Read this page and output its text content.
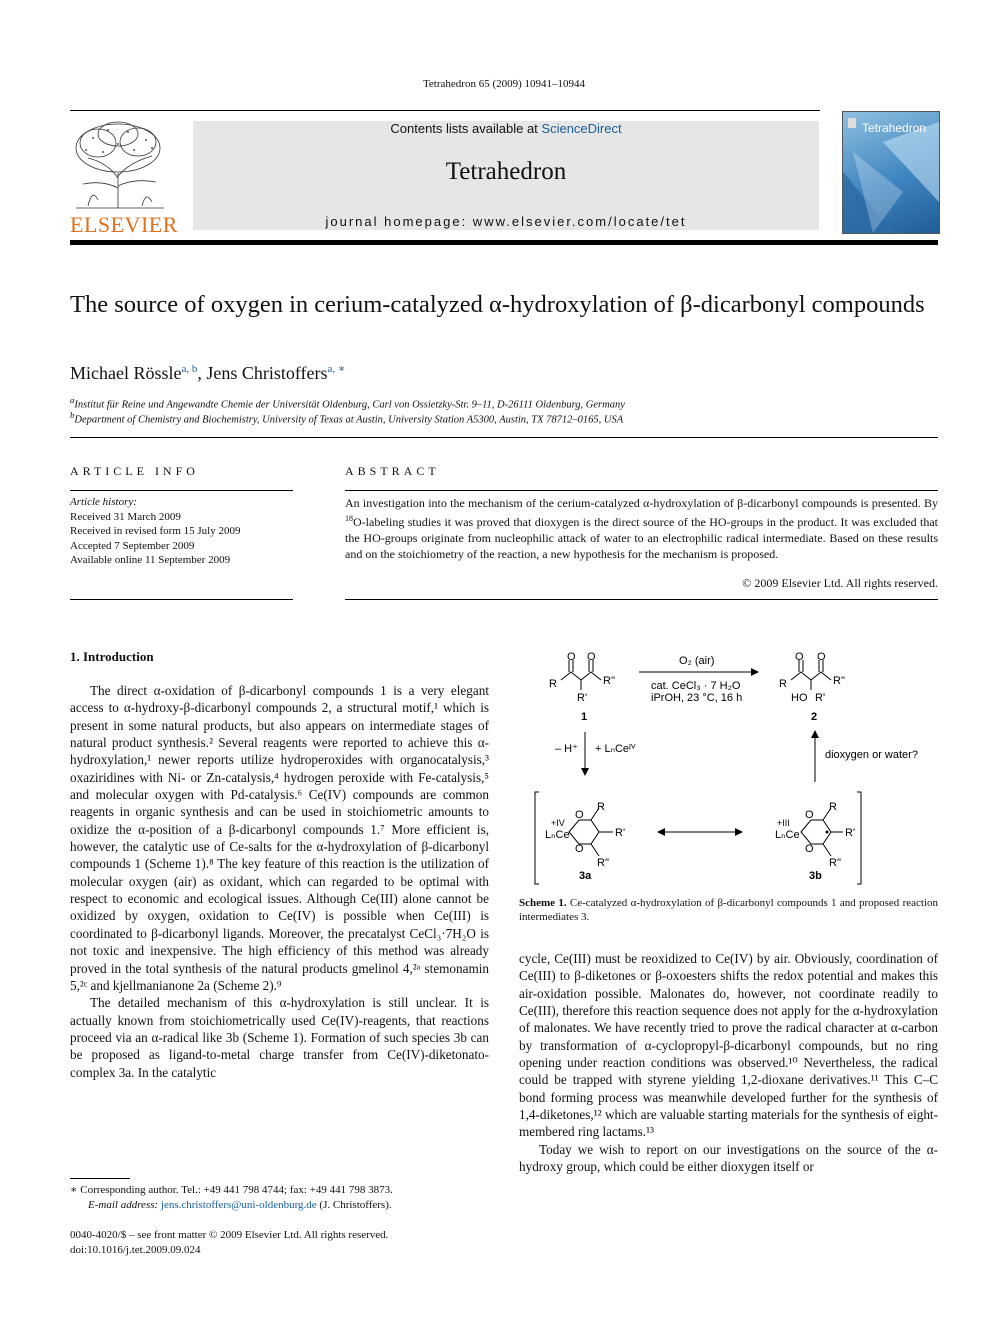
Tetrahedron 65 (2009) 10941–10944
ELSEVIER
Contents lists available at ScienceDirect
Tetrahedron
journal homepage: www.elsevier.com/locate/tet
Tetrahedron
The source of oxygen in cerium-catalyzed α-hydroxylation of β-dicarbonyl compounds
Michael Rössle$^{a, b}$, Jens Christoffers$^{a, ∗}$
$^a$Institut für Reine und Angewandte Chemie der Universität Oldenburg, Carl von Ossietzky-Str. 9–11, D-26111 Oldenburg, Germany
$^b$Department of Chemistry and Biochemistry, University of Texas at Austin, University Station A5300, Austin, TX 78712–0165, USA
ARTICLE INFO	ABSTRACT
Article history:
Received 31 March 2009
Received in revised form 15 July 2009
Accepted 7 September 2009
Available online 11 September 2009
An investigation into the mechanism of the cerium-catalyzed α-hydroxylation of β-dicarbonyl compounds is presented. By $^{18}$O-labeling studies it was proved that dioxygen is the direct source of the HO-groups in the product. It was excluded that the HO-groups originate from nucleophilic attack of water to an electrophilic radical intermediate. Based on these results and on the stoichiometry of the reaction, a new hypothesis for the mechanism is proposed.
© 2009 Elsevier Ltd. All rights reserved.
1. Introduction

The direct α-oxidation of β-dicarbonyl compounds 1 is a very elegant access to α-hydroxy-β-dicarbonyl compounds 2, a structural motif,¹ which is present in some natural products, but also appears on intermediate stages of natural product synthesis.² Several reagents were reported to achieve this α-hydroxylation,¹ newer reports utilize hydroperoxides with organocatalysis,³ oxaziridines with Ni- or Zn-catalysis,⁴ hydrogen peroxide with Fe-catalysis,⁵ and molecular oxygen with Pd-catalysis.⁶ Ce(IV) compounds are common reagents in organic synthesis and can be used in stoichiometric amounts to oxidize the α-position of a β-dicarbonyl compounds 1.⁷ More efficient is, however, the catalytic use of Ce-salts for the α-hydroxylation of β-dicarbonyl compounds 1 (Scheme 1).⁸ The key feature of this reaction is the utilization of molecular oxygen (air) as oxidant, which can regarded to be optimal with respect to economic and ecological issues. Although Ce(III) alone cannot be oxidized by oxygen, oxidation to Ce(IV) is possible when Ce(III) is coordinated to β-dicarbonyl ligands. Moreover, the precatalyst CeCl₃·7H₂O is not toxic and inexpensive. The high efficiency of this method was already proved in the total synthesis of the natural products gmelinol 4,²ᵃ stemonamin 5,²ᶜ and kjellmanianone 2a (Scheme 2).⁹

The detailed mechanism of this α-hydroxylation is still unclear. It is actually known from stoichiometrically used Ce(IV)-reagents, that reactions proceed via an α-radical like 3b (Scheme 1). Formation of such species 3b can be proposed as ligand-to-metal charge transfer from Ce(IV)-diketonato-complex 3a. In the catalytic

O O
R	R''
R'
1
O₂ (air)
cat. CeCl₃ · 7 H₂O
iPrOH, 23 °C, 16 h
O O
R	R''
HO R'
2
– H⁺ + LₙCeᴵⱽ	dioxygen or water?
+IV
LₙCe
O
O
R
R'
R''
3a
+III
LₙCe
O
O
R
R'
R''
3b
Scheme 1. Ce-catalyzed α-hydroxylation of β-dicarbonyl compounds 1 and proposed reaction intermediates 3.

cycle, Ce(III) must be reoxidized to Ce(IV) by air. Obviously, coordination of Ce(III) to β-diketones or β-oxoesters shifts the redox potential and makes this air-oxidation possible. Malonates do, however, not coordinate readily to Ce(III), therefore this reaction sequence does not apply for the α-hydroxylation of malonates. We have recently tried to prove the radical character at α-carbon by transformation of α-cyclopropyl-β-dicarbonyl compounds, but no ring opening under reaction conditions was observed.¹⁰ Nevertheless, the radical could be trapped with styrene yielding 1,2-dioxane derivatives.¹¹ This C–C bond forming process was meanwhile developed further for the synthesis of 1,4-diketones,¹² which are valuable starting materials for the synthesis of eight-membered ring lactams.¹³

Today we wish to report on our investigations on the source of the α-hydroxy group, which could be either dioxygen itself or

∗ Corresponding author. Tel.: +49 441 798 4744; fax: +49 441 798 3873.
E-mail address: jens.christoffers@uni-oldenburg.de (J. Christoffers).
0040-4020/$ – see front matter © 2009 Elsevier Ltd. All rights reserved.
doi:10.1016/j.tet.2009.09.024
